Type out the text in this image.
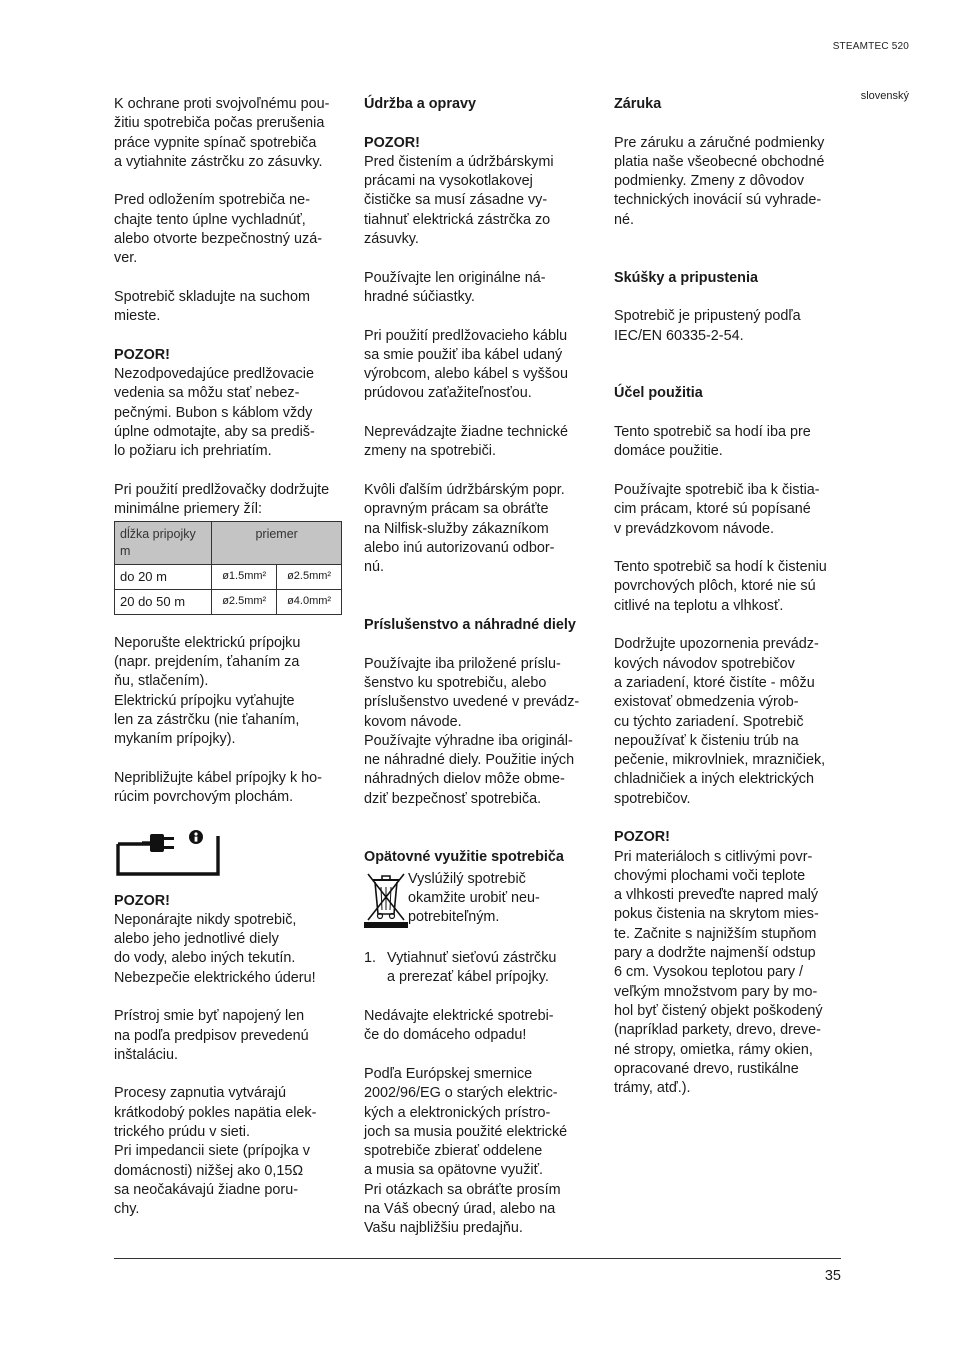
STEAMTEC 520
slovenský

K ochrane proti svojvoľnému pou-
žitiu spotrebiča počas prerušenia
práce vypnite spínač spotrebiča
a vytiahnite zástrčku zo zásuvky.

Pred odložením spotrebiča ne-
chajte tento úplne vychladnúť,
alebo otvorte bezpečnostný uzá-
ver.

Spotrebič skladujte na suchom
mieste.

POZOR!

Nezodpovedajúce predlžovacie
vedenia sa môžu stať nebez-
pečnými. Bubon s káblom vždy
úplne odmotajte, aby sa prediš-
lo požiaru ich prehriatím.

Pri použití predlžovačky dodržujte
minimálne priemery žíl:

dĺžka pripojky
m	priemer	
do 20 m	ø1.5mm²	ø2.5mm²
20 do 50 m	ø2.5mm²	ø4.0mm²

Neporušte elektrickú prípojku
(napr. prejdením, ťahaním za
ňu, stlačením).
Elektrickú prípojku vyťahujte
len za zástrčku (nie ťahaním,
mykaním prípojky).

Nepribližujte kábel prípojky k ho-
rúcim povrchovým plochám.

POZOR!

Neponárajte nikdy spotrebič,
alebo jeho jednotlivé diely
do vody, alebo iných tekutín.
Nebezpečie elektrického úderu!

Prístroj smie byť napojený len
na podľa predpisov prevedenú
inštaláciu.

Procesy zapnutia vytvárajú
krátkodobý pokles napätia elek-
trického prúdu v sieti.
Pri impedancii siete (prípojka v
domácnosti) nižšej ako 0,15Ω
sa neočakávajú žiadne poru-
chy.

Údržba a opravy

POZOR!

Pred čistením a údržbárskymi
prácami na vysokotlakovej
čističke sa musí zásadne vy-
tiahnuť elektrická zástrčka zo
zásuvky.

Používajte len originálne ná-
hradné súčiastky.

Pri použití predlžovacieho káblu
sa smie použiť iba kábel udaný
výrobcom, alebo kábel s vyššou
prúdovou zaťažiteľnosťou.

Neprevádzajte žiadne technické
zmeny na spotrebiči.

Kvôli ďalším údržbárským popr.
opravným prácam sa obráťte
na Nilfisk-služby zákazníkom
alebo inú autorizovanú odbor-
nú.

Príslušenstvo a náhradné diely

Používajte iba priložené príslu-
šenstvo ku spotrebiču, alebo
príslušenstvo uvedené v prevádz-
kovom návode.
Používajte výhradne iba originál-
ne náhradné diely. Použitie iných
náhradných dielov môže obme-
dziť bezpečnosť spotrebiča.

Opätovné využitie spotrebiča

Vyslúžilý spotrebič
okamžite urobiť neu-
potrebiteľným.

1. Vytiahnuť sieťovú zástrčku
a prerezať kábel prípojky.

Nedávajte elektrické spotrebi-
če do domáceho odpadu!

Podľa Európskej smernice
2002/96/EG o starých elektric-
kých a elektronických prístro-
joch sa musia použité elektrické
spotrebiče zbierať oddelene
a musia sa opätovne využiť.
Pri otázkach sa obráťte prosím
na Váš obecný úrad, alebo na
Vašu najbližšiu predajňu.

Záruka

Pre záruku a záručné podmienky
platia naše všeobecné obchodné
podmienky. Zmeny z dôvodov
technických inovácií sú vyhrade-
né.

Skúšky a pripustenia

Spotrebič je pripustený podľa
IEC/EN 60335-2-54.

Účel použitia

Tento spotrebič sa hodí iba pre
domáce použitie.

Používajte spotrebič iba k čistia-
cim prácam, ktoré sú popísané
v prevádzkovom návode.

Tento spotrebič sa hodí k čisteniu
povrchových plôch, ktoré nie sú
citlivé na teplotu a vlhkosť.

Dodržujte upozornenia prevádz-
kových návodov spotrebičov
a zariadení, ktoré čistíte - môžu
existovať obmedzenia výrob-
cu týchto zariadení. Spotrebič
nepoužívať k čisteniu trúb na
pečenie, mikrovlniek, mrazničiek,
chladničiek a iných elektrických
spotrebičov.

POZOR!

Pri materiáloch s citlivými povr-
chovými plochami voči teplote
a vlhkosti preveďte napred malý
pokus čistenia na skrytom mies-
te. Začnite s najnižším stupňom
pary a dodržte najmenší odstup
6 cm. Vysokou teplotou pary /
veľkým množstvom pary by mo-
hol byť čistený objekt poškodený
(napríklad parkety, drevo, dreve-
né stropy, omietka, rámy okien,
opracované drevo, rustikálne
trámy, atď.).

35
